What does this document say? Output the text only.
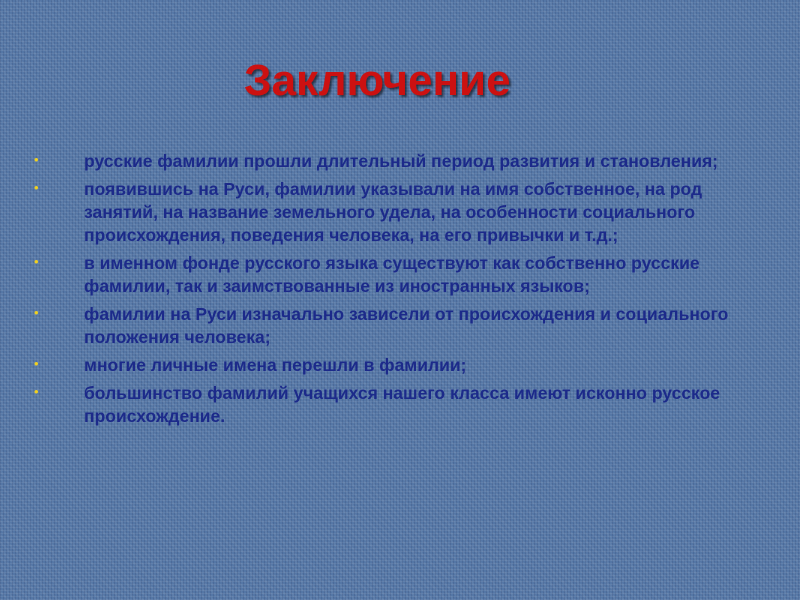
Заключение
•	русские фамилии прошли длительный период развития и становления;
•	появившись на Руси, фамилии указывали на имя собственное, на род занятий, на название земельного удела, на особенности социального происхождения, поведения человека, на его привычки и т.д.;
•	в именном фонде русского языка существуют как собственно русские фамилии, так и заимствованные из иностранных языков;
•	фамилии на Руси изначально зависели от происхождения и социального положения человека;
•	многие личные имена перешли в фамилии;
•	большинство фамилий учащихся нашего класса имеют исконно русское происхождение.
